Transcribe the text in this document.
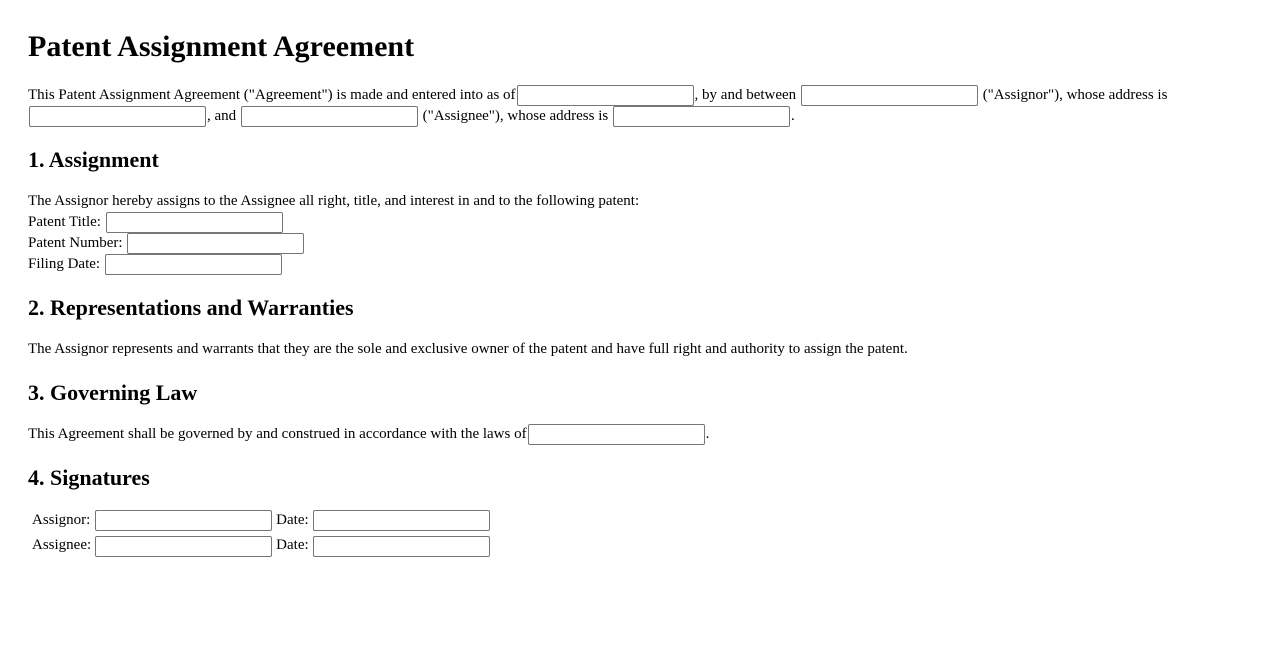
Patent Assignment Agreement

This Patent Assignment Agreement ("Agreement") is made and entered into as of	, by and between	("Assignor"), whose address is , and	("Assignee"), whose address is	.

1. Assignment

The Assignor hereby assigns to the Assignee all right, title, and interest in and to the following patent:
Patent Title:
Patent Number:
Filing Date:

2. Representations and Warranties

The Assignor represents and warrants that they are the sole and exclusive owner of the patent and have full right and authority to assign the patent.

3. Governing Law

This Agreement shall be governed by and construed in accordance with the laws of	.

4. Signatures
Assignor:		Date:	
Assignee:		Date:	
